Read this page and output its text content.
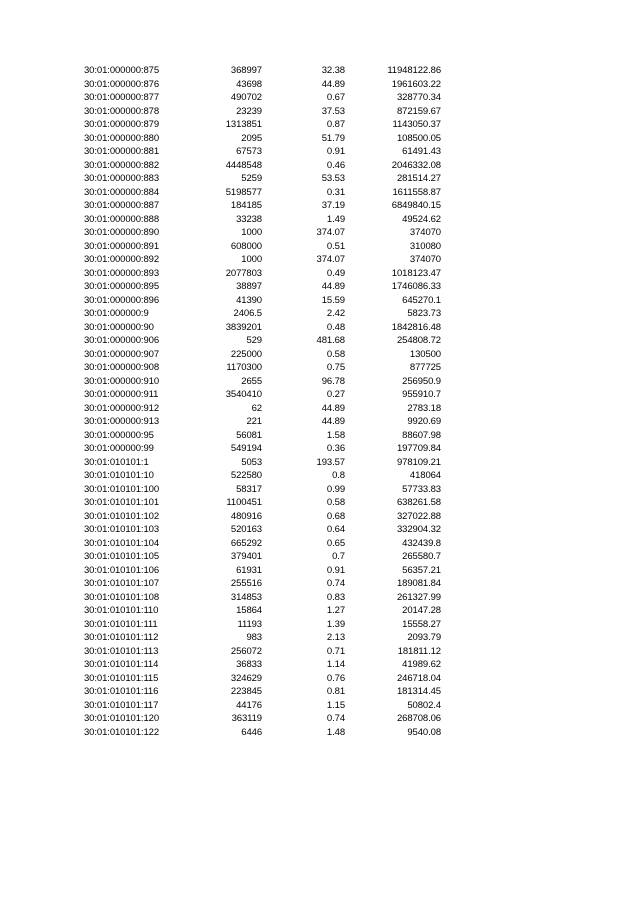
30:01:000000:875	368997	32.38	11948122.86
30:01:000000:876	43698	44.89	1961603.22
30:01:000000:877	490702	0.67	328770.34
30:01:000000:878	23239	37.53	872159.67
30:01:000000:879	1313851	0.87	1143050.37
30:01:000000:880	2095	51.79	108500.05
30:01:000000:881	67573	0.91	61491.43
30:01:000000:882	4448548	0.46	2046332.08
30:01:000000:883	5259	53.53	281514.27
30:01:000000:884	5198577	0.31	1611558.87
30:01:000000:887	184185	37.19	6849840.15
30:01:000000:888	33238	1.49	49524.62
30:01:000000:890	1000	374.07	374070
30:01:000000:891	608000	0.51	310080
30:01:000000:892	1000	374.07	374070
30:01:000000:893	2077803	0.49	1018123.47
30:01:000000:895	38897	44.89	1746086.33
30:01:000000:896	41390	15.59	645270.1
30:01:000000:9	2406.5	2.42	5823.73
30:01:000000:90	3839201	0.48	1842816.48
30:01:000000:906	529	481.68	254808.72
30:01:000000:907	225000	0.58	130500
30:01:000000:908	1170300	0.75	877725
30:01:000000:910	2655	96.78	256950.9
30:01:000000:911	3540410	0.27	955910.7
30:01:000000:912	62	44.89	2783.18
30:01:000000:913	221	44.89	9920.69
30:01:000000:95	56081	1.58	88607.98
30:01:000000:99	549194	0.36	197709.84
30:01:010101:1	5053	193.57	978109.21
30:01:010101:10	522580	0.8	418064
30:01:010101:100	58317	0.99	57733.83
30:01:010101:101	1100451	0.58	638261.58
30:01:010101:102	480916	0.68	327022.88
30:01:010101:103	520163	0.64	332904.32
30:01:010101:104	665292	0.65	432439.8
30:01:010101:105	379401	0.7	265580.7
30:01:010101:106	61931	0.91	56357.21
30:01:010101:107	255516	0.74	189081.84
30:01:010101:108	314853	0.83	261327.99
30:01:010101:110	15864	1.27	20147.28
30:01:010101:111	11193	1.39	15558.27
30:01:010101:112	983	2.13	2093.79
30:01:010101:113	256072	0.71	181811.12
30:01:010101:114	36833	1.14	41989.62
30:01:010101:115	324629	0.76	246718.04
30:01:010101:116	223845	0.81	181314.45
30:01:010101:117	44176	1.15	50802.4
30:01:010101:120	363119	0.74	268708.06
30:01:010101:122	6446	1.48	9540.08
